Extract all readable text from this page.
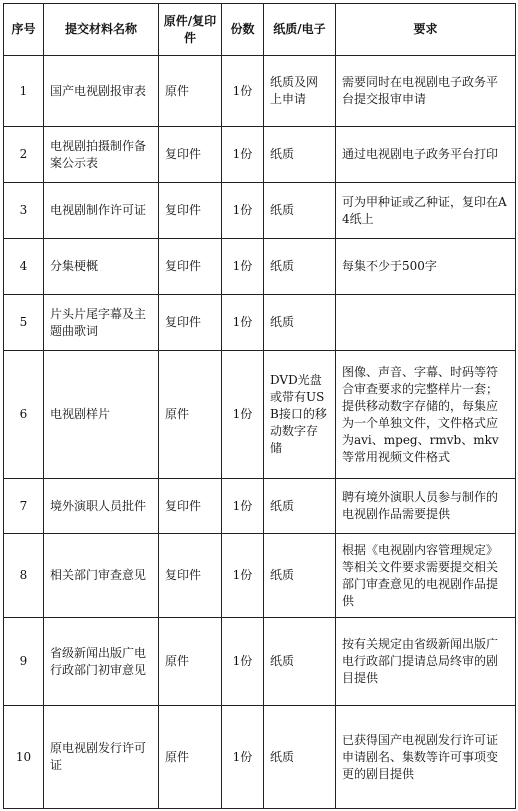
序号	提交材料名称	原件/复印件	份数	纸质/电子	要求
1	国产电视剧报审表	原件	1份	纸质及网上申请	需要同时在电视剧电子政务平台提交报审申请
2	电视剧拍摄制作备案公示表	复印件	1份	纸质	通过电视剧电子政务平台打印
3	电视剧制作许可证	复印件	1份	纸质	可为甲种证或乙种证，复印在A4纸上
4	分集梗概	复印件	1份	纸质	每集不少于500字
5	片头片尾字幕及主题曲歌词	复印件	1份	纸质	
6	电视剧样片	原件	1份	DVD光盘或带有USB接口的移动数字存储	图像、声音、字幕、时码等符合审查要求的完整样片一套；提供移动数字存储的，每集应为一个单独文件，文件格式应为avi、mpeg、rmvb、mkv等常用视频文件格式
7	境外演职人员批件	复印件	1份	纸质	聘有境外演职人员参与制作的电视剧作品需要提供
8	相关部门审查意见	复印件	1份	纸质	根据《电视剧内容管理规定》等相关文件要求需要提交相关部门审查意见的电视剧作品提供
9	省级新闻出版广电行政部门初审意见	原件	1份	纸质	按有关规定由省级新闻出版广电行政部门提请总局终审的剧目提供
10	原电视剧发行许可证	原件	1份	纸质	已获得国产电视剧发行许可证申请剧名、集数等许可事项变更的剧目提供
